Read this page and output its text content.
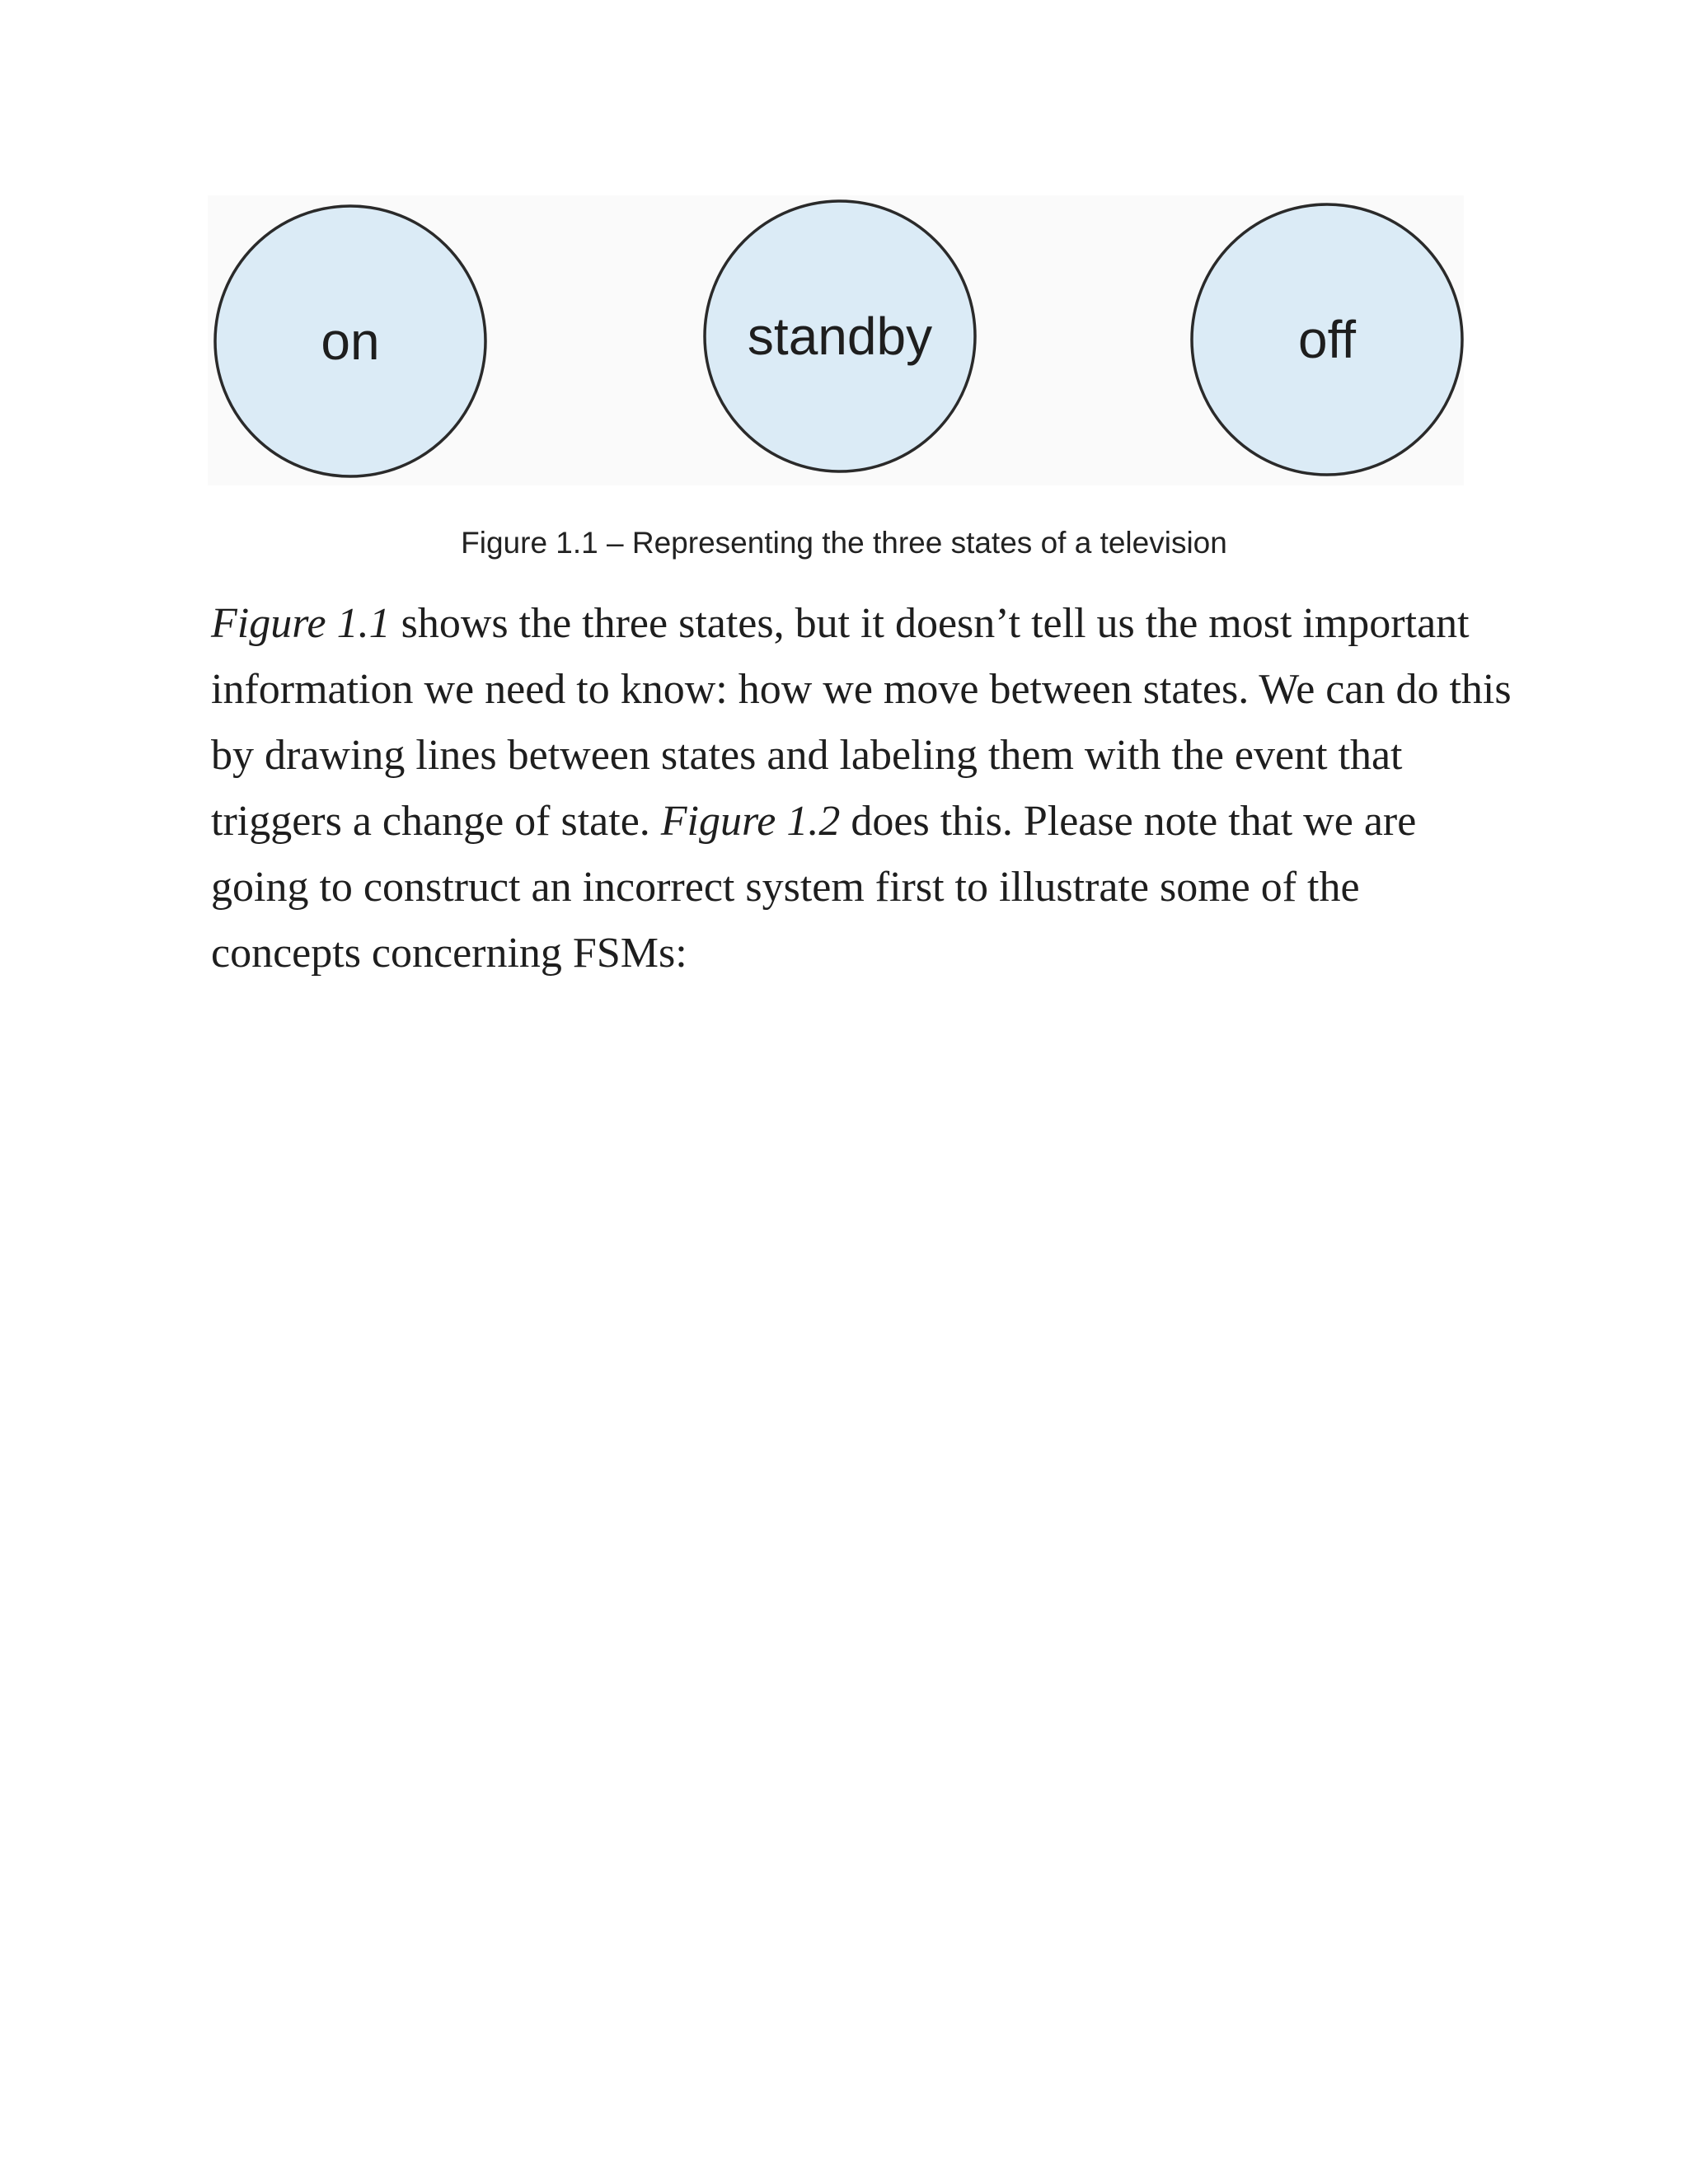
on	standby	off
Figure 1.1 – Representing the three states of a television
Figure 1.1 shows the three states, but it doesn’t tell us the most important
information we need to know: how we move between states. We can do this
by drawing lines between states and labeling them with the event that
triggers a change of state. Figure 1.2 does this. Please note that we are
going to construct an incorrect system first to illustrate some of the
concepts concerning FSMs:
